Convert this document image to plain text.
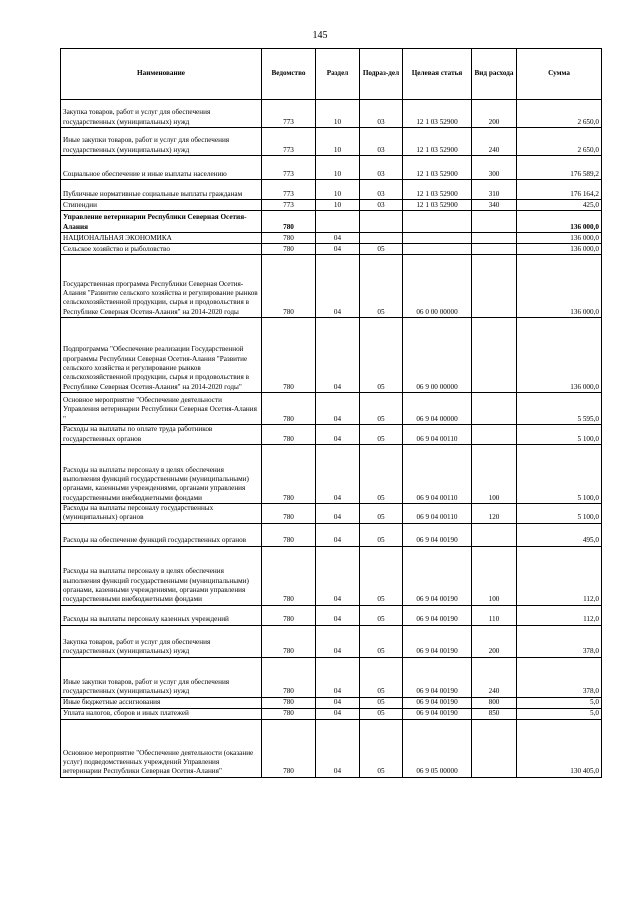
145
Наименование	Ведомство	Раздел	Подраз-дел	Целевая статья	Вид расхода	Сумма
Закупка товаров, работ и услуг для обеспечения государственных (муниципальных) нужд	773	10	03	12 1 03 52900	200	2 650,0
Иные закупки товаров, работ и услуг для обеспечения государственных (муниципальных) нужд	773	10	03	12 1 03 52900	240	2 650,0
Социальное обеспечение и иные выплаты населению	773	10	03	12 1 03 52900	300	176 589,2
Публичные нормативные социальные выплаты гражданам	773	10	03	12 1 03 52900	310	176 164,2
Стипендии	773	10	03	12 1 03 52900	340	425,0
Управление ветеринарии Республики Северная Осетия-Алания	780					136 000,0
НАЦИОНАЛЬНАЯ ЭКОНОМИКА	780	04				136 000,0
Сельское хозяйство и рыболовство	780	04	05			136 000,0
Государственная программа Республики Северная Осетия-Алания "Развитие сельского хозяйства и регулирование рынков сельскохозяйственной продукции, сырья и продовольствия в Республике Северная Осетия-Алания" на 2014-2020 годы	780	04	05	06 0 00 00000		136 000,0
Подпрограмма "Обеспечение реализации Государственной программы Республики Северная Осетия-Алания "Развитие сельского хозяйства и регулирование рынков сельскохозяйственной продукции, сырья и продовольствия в Республике Северная Осетия-Алания" на 2014-2020 годы"	780	04	05	06 9 00 00000		136 000,0
Основное мероприятие "Обеспечение деятельности Управления ветеринарии Республики Северная Осетия-Алания "	780	04	05	06 9 04 00000		5 595,0
Расходы на выплаты по оплате труда работников государственных органов	780	04	05	06 9 04 00110		5 100,0
Расходы на выплаты персоналу в целях обеспечения выполнения функций государственными (муниципальными) органами, казенными учреждениями, органами управления государственными внебюджетными фондами	780	04	05	06 9 04 00110	100	5 100,0
Расходы на выплаты персоналу государственных (муниципальных) органов	780	04	05	06 9 04 00110	120	5 100,0
Расходы на обеспечение функций государственных органов	780	04	05	06 9 04 00190		495,0
Расходы на выплаты персоналу в целях обеспечения выполнения функций государственными (муниципальными) органами, казенными учреждениями, органами управления государственными внебюджетными фондами	780	04	05	06 9 04 00190	100	112,0
Расходы на выплаты персоналу казенных учреждений	780	04	05	06 9 04 00190	110	112,0
Закупка товаров, работ и услуг для обеспечения государственных (муниципальных) нужд	780	04	05	06 9 04 00190	200	378,0
Иные закупки товаров, работ и услуг для обеспечения государственных (муниципальных) нужд	780	04	05	06 9 04 00190	240	378,0
Иные бюджетные ассигнования	780	04	05	06 9 04 00190	800	5,0
Уплата налогов, сборов и иных платежей	780	04	05	06 9 04 00190	850	5,0
Основное мероприятие "Обеспечение деятельности (оказание услуг) подведомственных учреждений Управления ветеринарии Республики Северная Осетия-Алания"	780	04	05	06 9 05 00000		130 405,0
